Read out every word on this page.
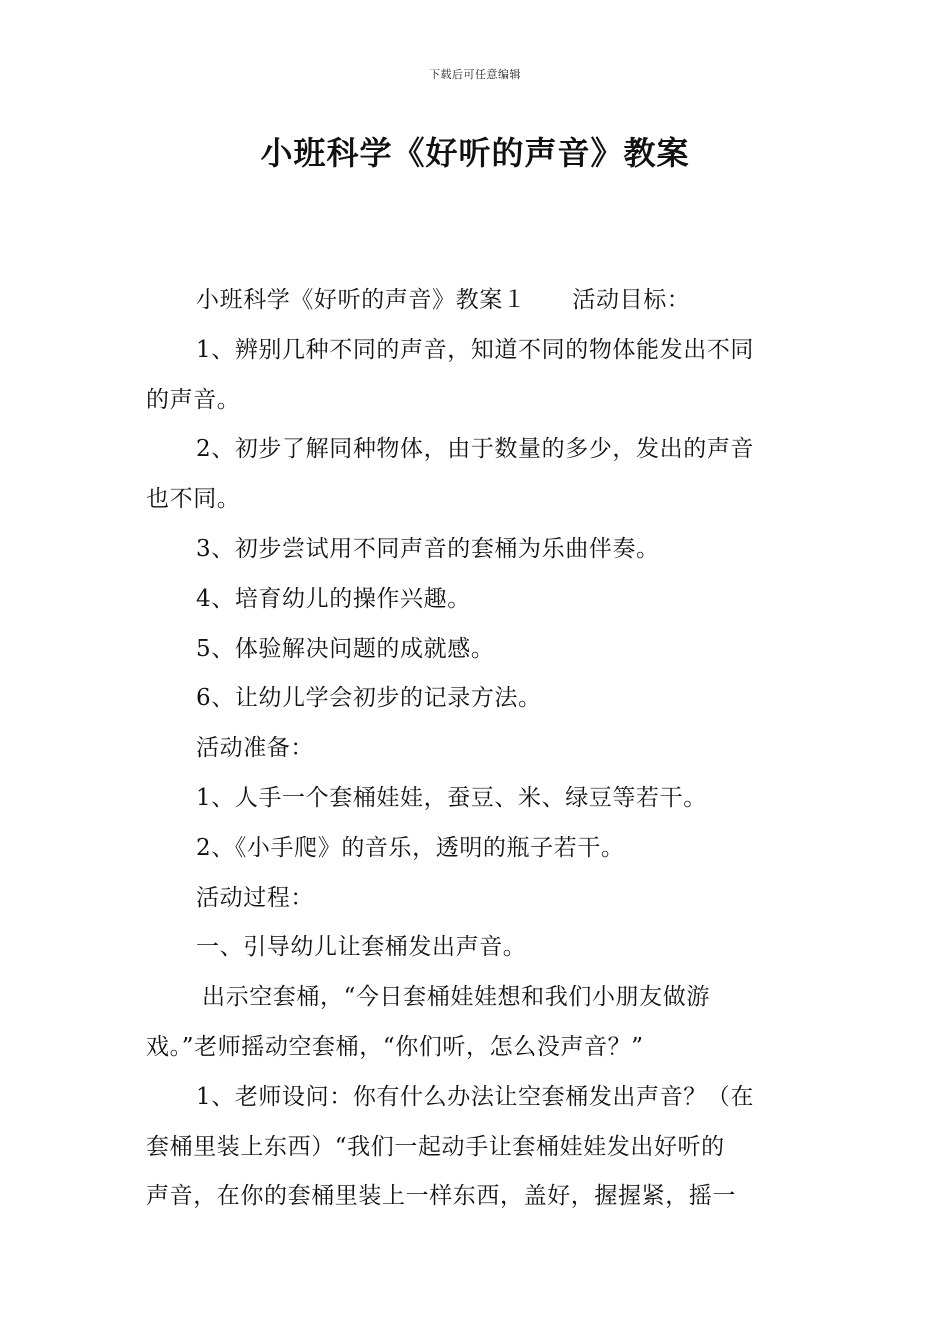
下载后可任意编辑
小班科学《好听的声音》教案
小班科学《好听的声音》教案１ 活动目标：
1、辨别几种不同的声音，知道不同的物体能发出不同
的声音。
2、初步了解同种物体，由于数量的多少，发出的声音
也不同。
3、初步尝试用不同声音的套桶为乐曲伴奏。
4、培育幼儿的操作兴趣。
5、体验解决问题的成就感。
6、让幼儿学会初步的记录方法。
活动准备：
1、人手一个套桶娃娃，蚕豆、米、绿豆等若干。
2、《小手爬》的音乐，透明的瓶子若干。
活动过程：
一、引导幼儿让套桶发出声音。
出示空套桶，“今日套桶娃娃想和我们小朋友做游
戏。”老师摇动空套桶，“你们听，怎么没声音？”
1、老师设问：你有什么办法让空套桶发出声音？（在
套桶里装上东西）“我们一起动手让套桶娃娃发出好听的
声音，在你的套桶里装上一样东西，盖好，握握紧，摇一
